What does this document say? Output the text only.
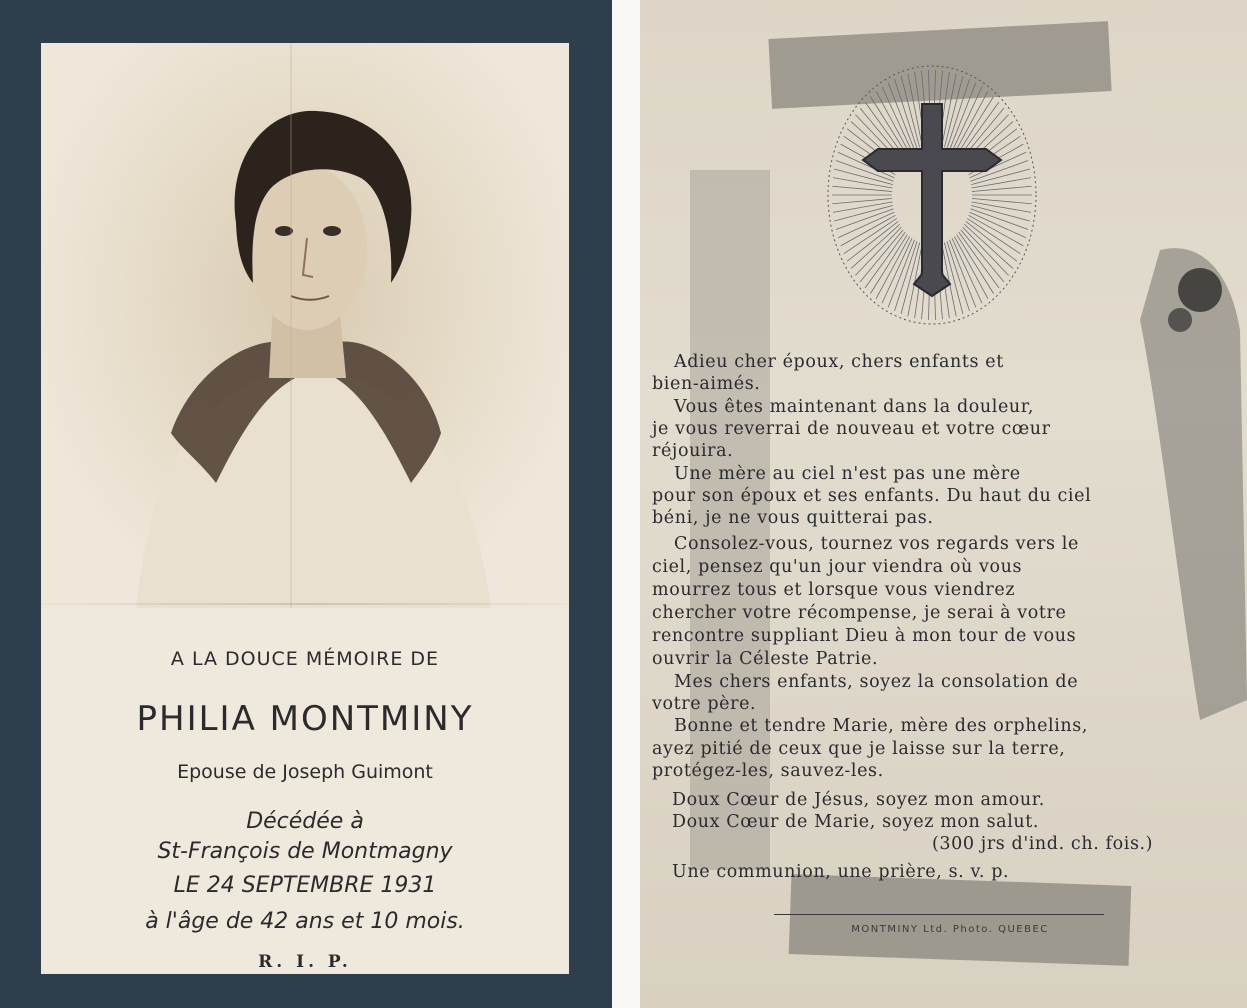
A LA DOUCE MÉMOIRE DE
PHILIA MONTMINY
Epouse de Joseph Guimont
Décédée à
St-François de Montmagny
LE 24 SEPTEMBRE 1931
à l'âge de 42 ans et 10 mois.
R. I. P.
Adieu cher époux, chers enfants et
bien-aimés.
Vous êtes maintenant dans la douleur,
je vous reverrai de nouveau et votre cœur
réjouira.
Une mère au ciel n'est pas une mère
pour son époux et ses enfants. Du haut du ciel
béni, je ne vous quitterai pas.
Consolez-vous, tournez vos regards vers le
ciel, pensez qu'un jour viendra où vous
mourrez tous et lorsque vous viendrez
chercher votre récompense, je serai à votre
rencontre suppliant Dieu à mon tour de vous
ouvrir la Céleste Patrie.
Mes chers enfants, soyez la consolation de
votre père.
Bonne et tendre Marie, mère des orphelins,
ayez pitié de ceux que je laisse sur la terre,
protégez-les, sauvez-les.
Doux Cœur de Jésus, soyez mon amour.
Doux Cœur de Marie, soyez mon salut.
(300 jrs d'ind. ch. fois.)
Une communion, une prière, s. v. p.
MONTMINY Ltd. Photo. QUEBEC
